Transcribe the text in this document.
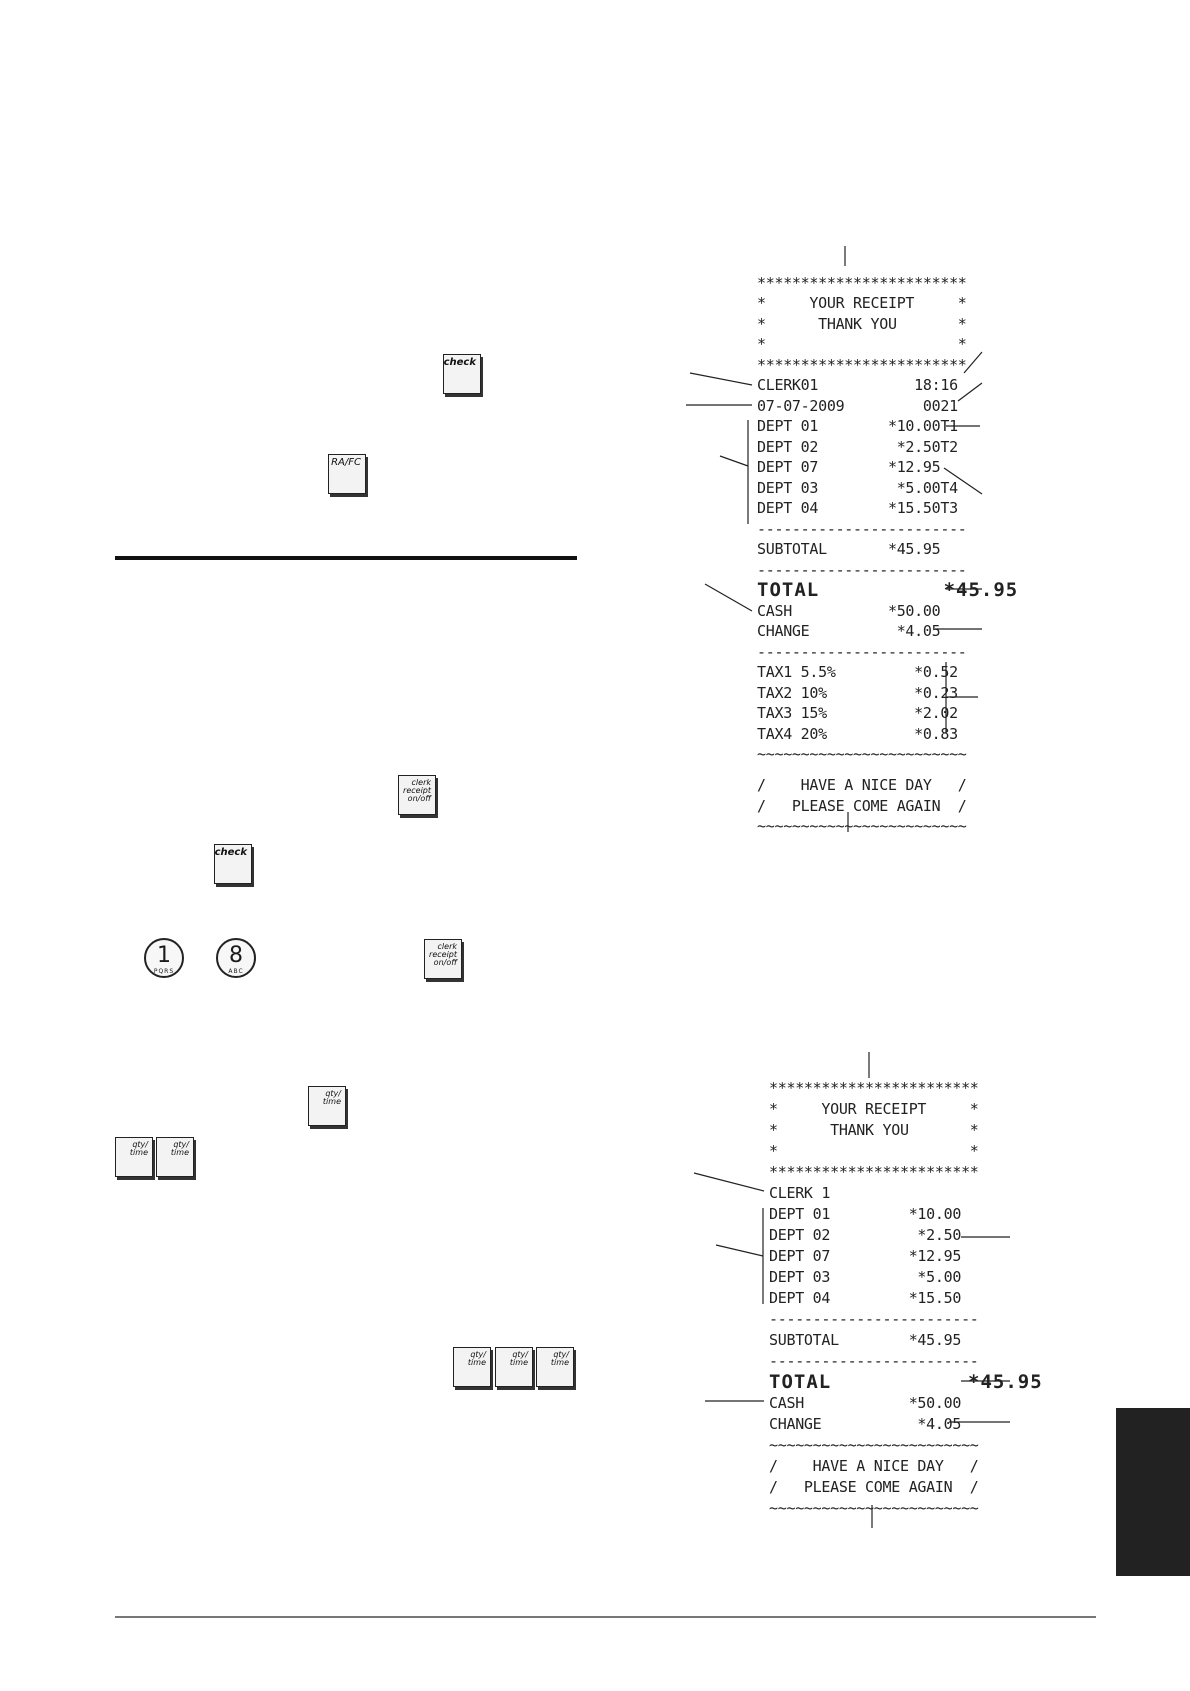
check
RA/FC
clerk
receipt
on/off
check
1
PQRS
8
ABC
clerk
receipt
on/off
qty/
time
qty/
time
qty/
time
qty/
time
qty/
time
qty/
time

************************

*     YOUR RECEIPT     *

*      THANK YOU       *

*                      *

************************

CLERK01           18:16

07-07-2009         0021

DEPT 01        *10.00T1

DEPT 02         *2.50T2

DEPT 07        *12.95

DEPT 03         *5.00T4

DEPT 04        *15.50T3

------------------------

SUBTOTAL       *45.95

------------------------

TOTAL          *45.95

CASH           *50.00

CHANGE          *4.05

------------------------

TAX1 5.5%         *0.52

TAX2 10%          *0.23

TAX3 15%          *2.02

TAX4 20%          *0.83

~~~~~~~~~~~~~~~~~~~~~~~~

/    HAVE A NICE DAY   /

/   PLEASE COME AGAIN  /

~~~~~~~~~~~~~~~~~~~~~~~~

************************

*     YOUR RECEIPT     *

*      THANK YOU       *

*                      *

************************

CLERK 1

DEPT 01         *10.00

DEPT 02          *2.50

DEPT 07         *12.95

DEPT 03          *5.00

DEPT 04         *15.50

------------------------

SUBTOTAL        *45.95

------------------------

TOTAL           *45.95

CASH            *50.00

CHANGE           *4.05

~~~~~~~~~~~~~~~~~~~~~~~~

/    HAVE A NICE DAY   /

/   PLEASE COME AGAIN  /

~~~~~~~~~~~~~~~~~~~~~~~~
